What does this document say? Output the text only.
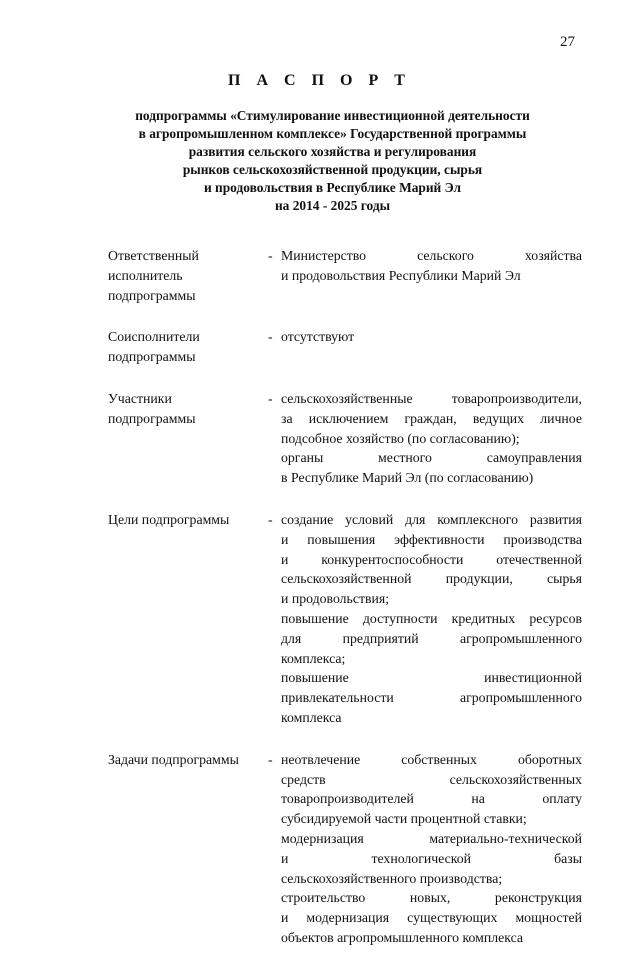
27
П А С П О Р Т
подпрограммы «Стимулирование инвестиционной деятельности
в агропромышленном комплексе» Государственной программы
развития сельского хозяйства и регулирования
рынков сельскохозяйственной продукции, сырья
и продовольствия в Республике Марий Эл
на 2014 - 2025 годы
Ответственный
исполнитель
подпрограммы
- Министерство сельского хозяйства
и продовольствия Республики Марий Эл
Соисполнители
подпрограммы
- отсутствуют
Участники
подпрограммы
- сельскохозяйственные товаропроизводители,
за исключением граждан, ведущих личное
подсобное хозяйство (по согласованию);
органы местного самоуправления
в Республике Марий Эл (по согласованию)
Цели подпрограммы	- создание условий для комплексного развития
и повышения эффективности производства
и конкурентоспособности отечественной
сельскохозяйственной продукции, сырья
и продовольствия;
повышение доступности кредитных ресурсов
для предприятий агропромышленного
комплекса;
повышение инвестиционной
привлекательности агропромышленного
комплекса
Задачи подпрограммы	- неотвлечение собственных оборотных
средств сельскохозяйственных
товаропроизводителей на оплату
субсидируемой части процентной ставки;
модернизация материально-технической
и технологической базы
сельскохозяйственного производства;
строительство новых, реконструкция
и модернизация существующих мощностей
объектов агропромышленного комплекса
